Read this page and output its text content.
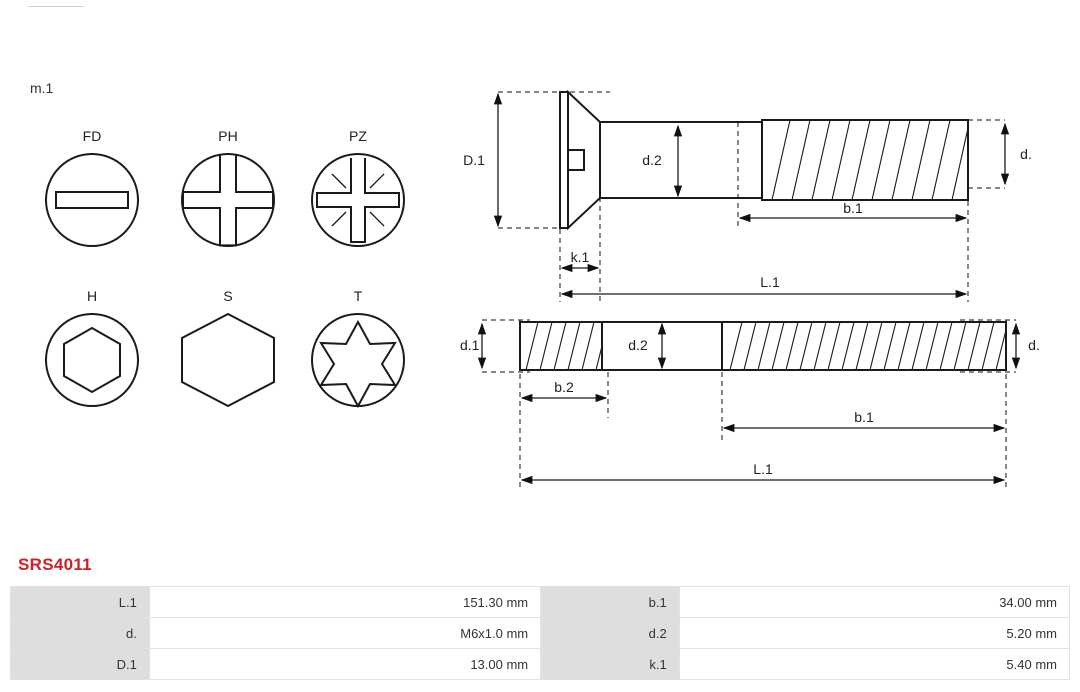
m.1
FD	PH	PZ
H	S	T
D.1	d.2	d.
b.1
k.1
L.1
d.1	d.2	d.
b.2
b.1
L.1
SRS4011
L.1	151.30 mm	b.1	34.00 mm
d.	M6x1.0 mm	d.2	5.20 mm
D.1	13.00 mm	k.1	5.40 mm
